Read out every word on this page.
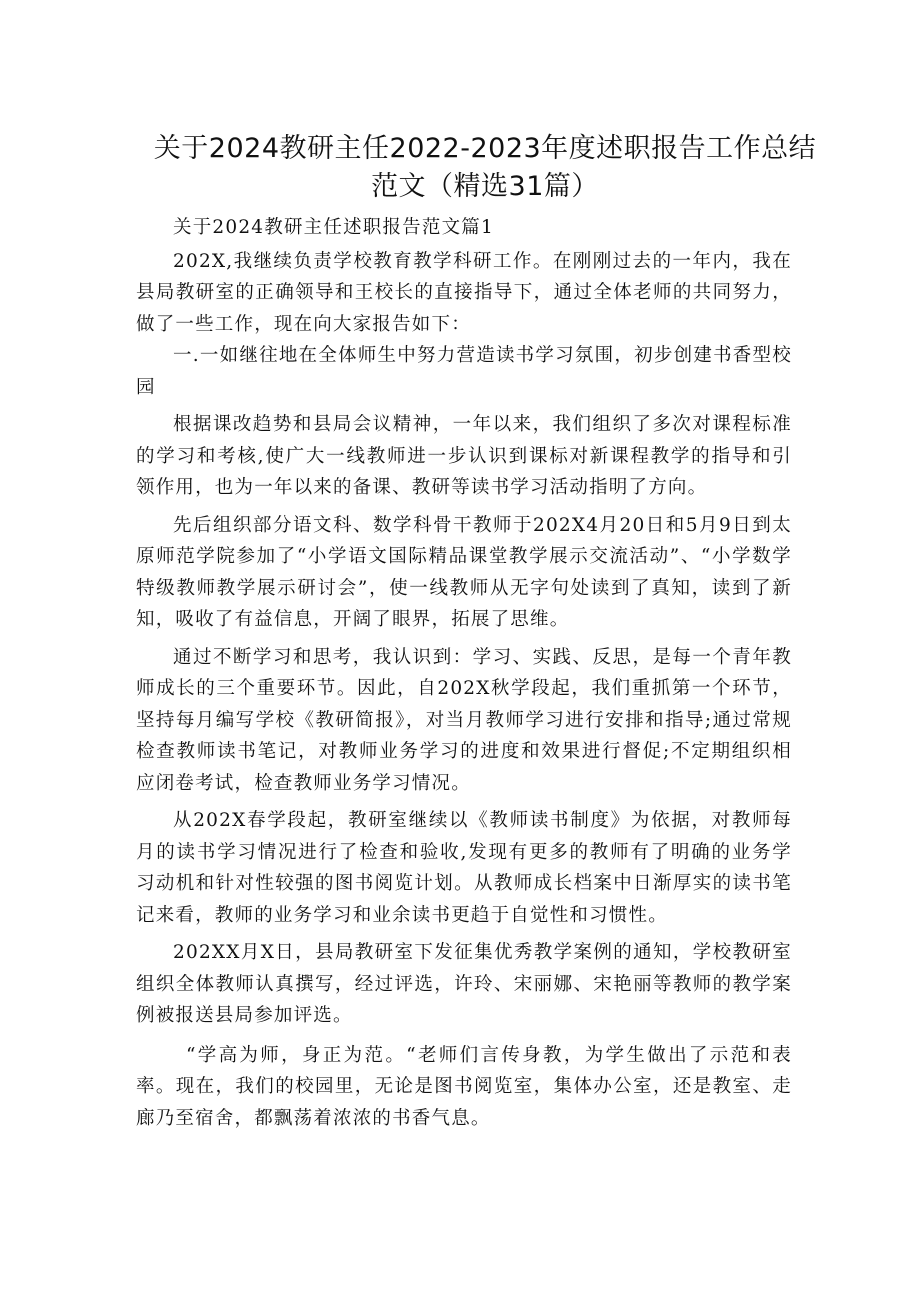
关于2024教研主任2022-2023年度述职报告工作总结
范文（精选31篇）

关于2024教研主任述职报告范文篇1

202X,我继续负责学校教育教学科研工作。在刚刚过去的一年内，我在县局教研室的正确领导和王校长的直接指导下，通过全体老师的共同努力，做了一些工作，现在向大家报告如下：

一.一如继往地在全体师生中努力营造读书学习氛围，初步创建书香型校园

根据课改趋势和县局会议精神，一年以来，我们组织了多次对课程标准的学习和考核,使广大一线教师进一步认识到课标对新课程教学的指导和引领作用，也为一年以来的备课、教研等读书学习活动指明了方向。

先后组织部分语文科、数学科骨干教师于202X4月20日和5月9日到太原师范学院参加了“小学语文国际精品课堂教学展示交流活动”、“小学数学特级教师教学展示研讨会”，使一线教师从无字句处读到了真知，读到了新知，吸收了有益信息，开阔了眼界，拓展了思维。

通过不断学习和思考，我认识到：学习、实践、反思，是每一个青年教师成长的三个重要环节。因此，自202X秋学段起，我们重抓第一个环节，坚持每月编写学校《教研简报》，对当月教师学习进行安排和指导;通过常规检查教师读书笔记，对教师业务学习的进度和效果进行督促;不定期组织相应闭卷考试，检查教师业务学习情况。

从202X春学段起，教研室继续以《教师读书制度》为依据，对教师每月的读书学习情况进行了检查和验收,发现有更多的教师有了明确的业务学习动机和针对性较强的图书阅览计划。从教师成长档案中日渐厚实的读书笔记来看，教师的业务学习和业余读书更趋于自觉性和习惯性。

202XX月X日，县局教研室下发征集优秀教学案例的通知，学校教研室组织全体教师认真撰写，经过评选，许玲、宋丽娜、宋艳丽等教师的教学案例被报送县局参加评选。

“学高为师，身正为范。“老师们言传身教，为学生做出了示范和表率。现在，我们的校园里，无论是图书阅览室，集体办公室，还是教室、走廊乃至宿舍，都飘荡着浓浓的书香气息。
